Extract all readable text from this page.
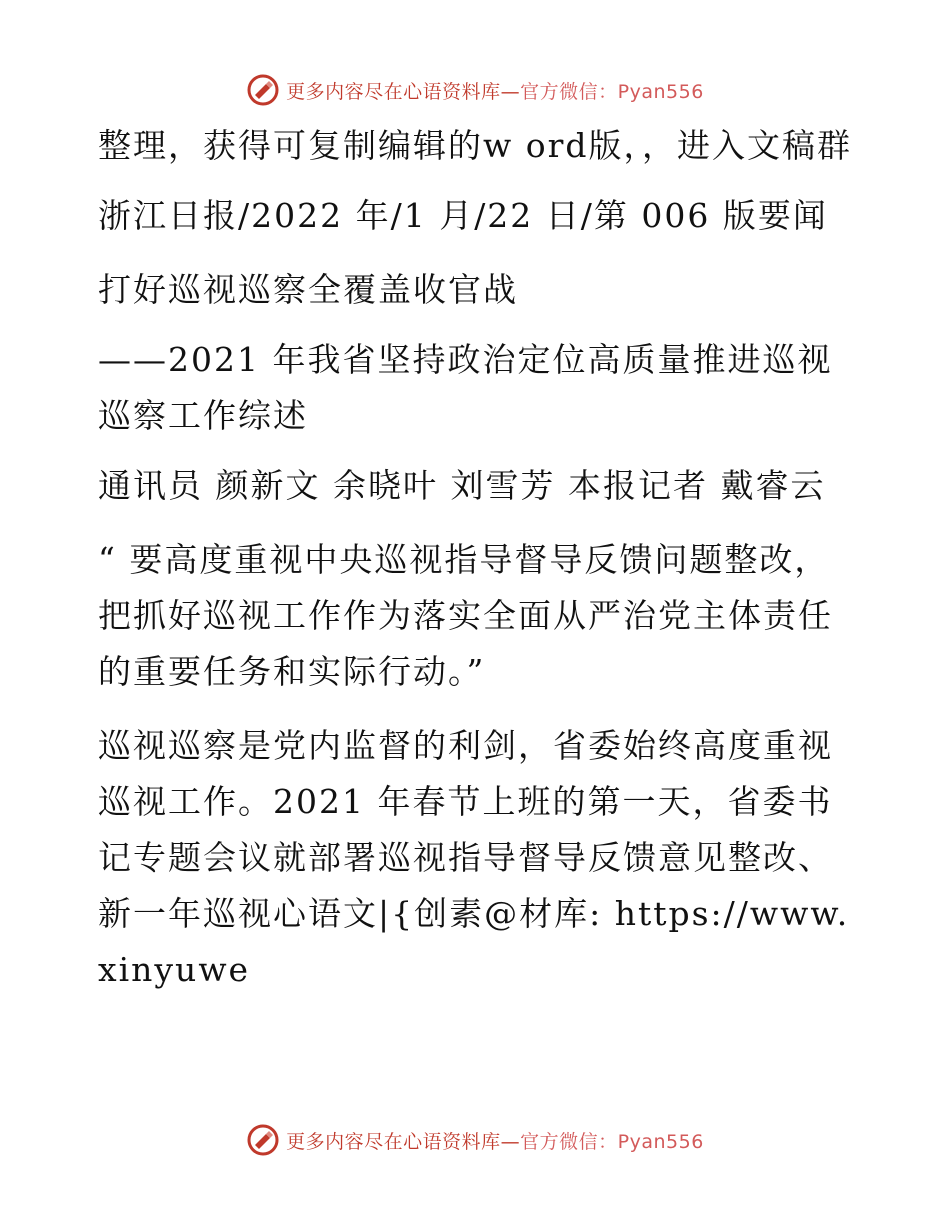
更多内容尽在心语资料库—官方微信：Pyan556

整理，获得可复制编辑的w ord版，，进入文稿群

浙江日报/2022 年/1 月/22 日/第 006 版要闻

打好巡视巡察全覆盖收官战

——2021 年我省坚持政治定位高质量推进巡视巡察工作综述

通讯员 颜新文 余晓叶 刘雪芳 本报记者 戴睿云

“ 要高度重视中央巡视指导督导反馈问题整改，把抓好巡视工作作为落实全面从严治党主体责任的重要任务和实际行动。”

巡视巡察是党内监督的利剑，省委始终高度重视巡视工作。2021 年春节上班的第一天，省委书记专题会议就部署巡视指导督导反馈意见整改、新一年巡视心语文|{创素@材库: https://www.xinyuwe

更多内容尽在心语资料库—官方微信：Pyan556
